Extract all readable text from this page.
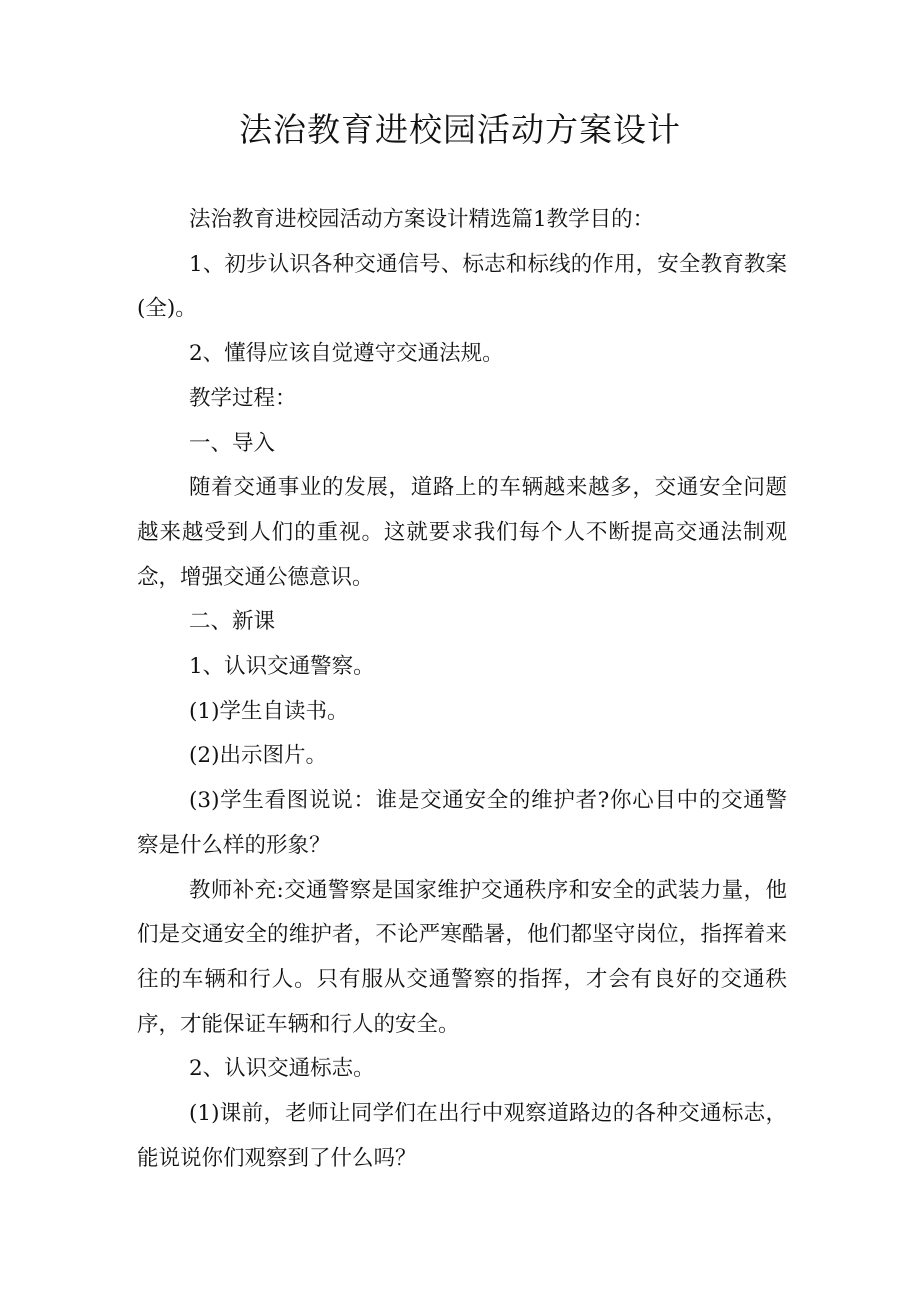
法治教育进校园活动方案设计

法治教育进校园活动方案设计精选篇1教学目的：

1、初步认识各种交通信号、标志和标线的作用，安全教育教案(全)。

2、懂得应该自觉遵守交通法规。

教学过程：

一、导入

随着交通事业的发展，道路上的车辆越来越多，交通安全问题越来越受到人们的重视。这就要求我们每个人不断提高交通法制观念，增强交通公德意识。

二、新课

1、认识交通警察。

(1)学生自读书。

(2)出示图片。

(3)学生看图说说：谁是交通安全的维护者?你心目中的交通警察是什么样的形象？

教师补充:交通警察是国家维护交通秩序和安全的武装力量，他们是交通安全的维护者，不论严寒酷暑，他们都坚守岗位，指挥着来往的车辆和行人。只有服从交通警察的指挥，才会有良好的交通秩序，才能保证车辆和行人的安全。

2、认识交通标志。

(1)课前，老师让同学们在出行中观察道路边的各种交通标志，能说说你们观察到了什么吗？
